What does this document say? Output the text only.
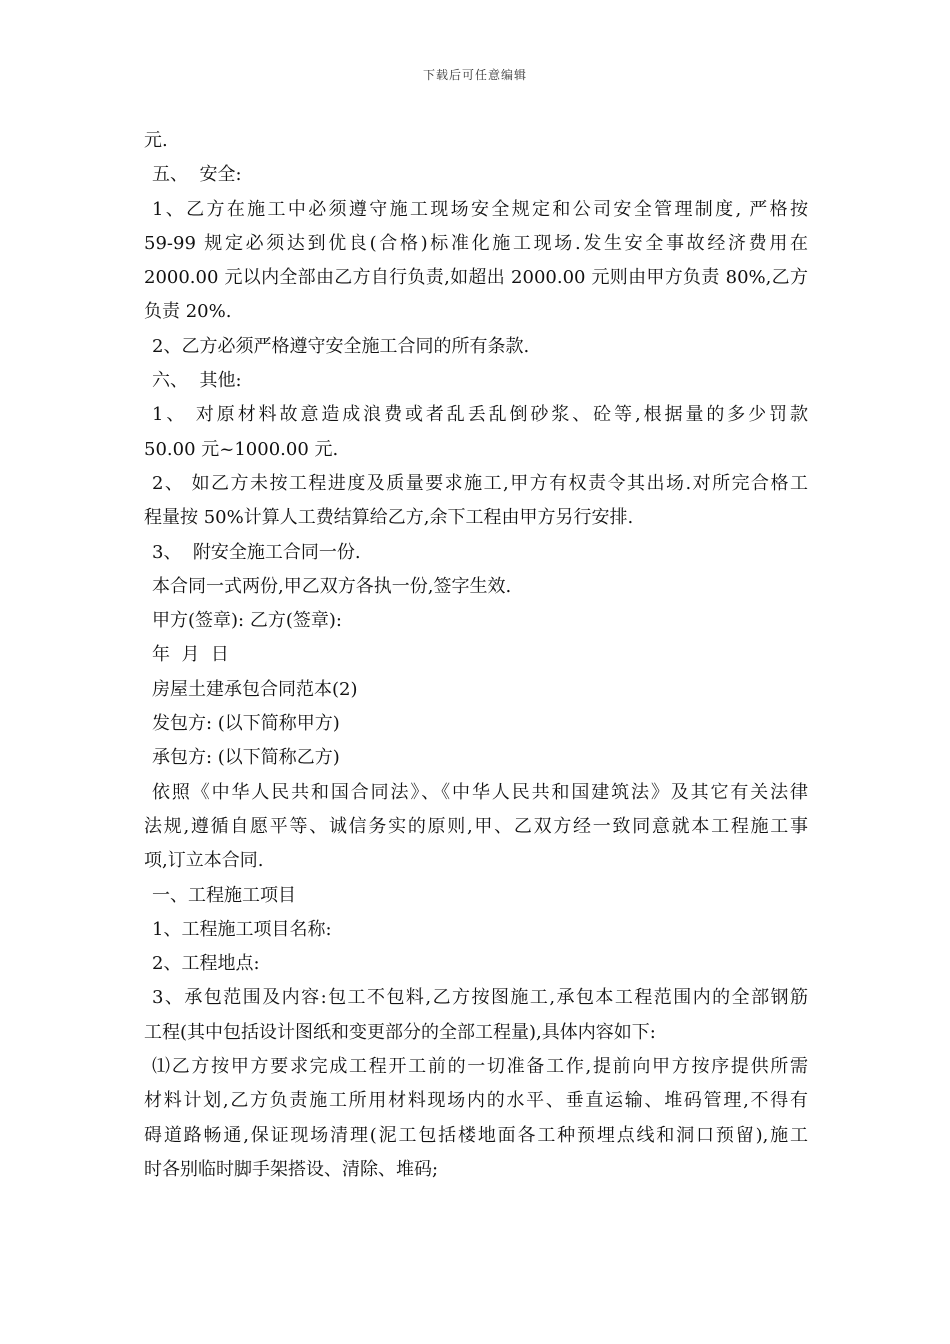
下载后可任意编辑
元.
五、  安全:
1、乙方在施工中必须遵守施工现场安全规定和公司安全管理制度, 严格按
59-99 规定必须达到优良(合格)标准化施工现场.发生安全事故经济费用在
2000.00 元以内全部由乙方自行负责,如超出 2000.00 元则由甲方负责 80%,乙方
负责 20%.
2、乙方必须严格遵守安全施工合同的所有条款.
六、  其他:
1、 对原材料故意造成浪费或者乱丢乱倒砂浆、砼等,根据量的多少罚款
50.00 元~1000.00 元.
2、 如乙方未按工程进度及质量要求施工,甲方有权责令其出场.对所完合格工
程量按 50%计算人工费结算给乙方,余下工程由甲方另行安排.
3、  附安全施工合同一份.
本合同一式两份,甲乙双方各执一份,签字生效.
甲方(签章): 乙方(签章):
年  月  日
房屋土建承包合同范本(2)
发包方: (以下简称甲方)
承包方: (以下简称乙方)
依照《中华人民共和国合同法》、《中华人民共和国建筑法》及其它有关法律
法规,遵循自愿平等、诚信务实的原则,甲、乙双方经一致同意就本工程施工事
项,订立本合同.
一、工程施工项目
1、工程施工项目名称:
2、工程地点:
3、承包范围及内容:包工不包料,乙方按图施工,承包本工程范围内的全部钢筋
工程(其中包括设计图纸和变更部分的全部工程量),具体内容如下:
⑴乙方按甲方要求完成工程开工前的一切准备工作,提前向甲方按序提供所需
材料计划,乙方负责施工所用材料现场内的水平、垂直运输、堆码管理,不得有
碍道路畅通,保证现场清理(泥工包括楼地面各工种预埋点线和洞口预留),施工
时各别临时脚手架搭设、清除、堆码;
